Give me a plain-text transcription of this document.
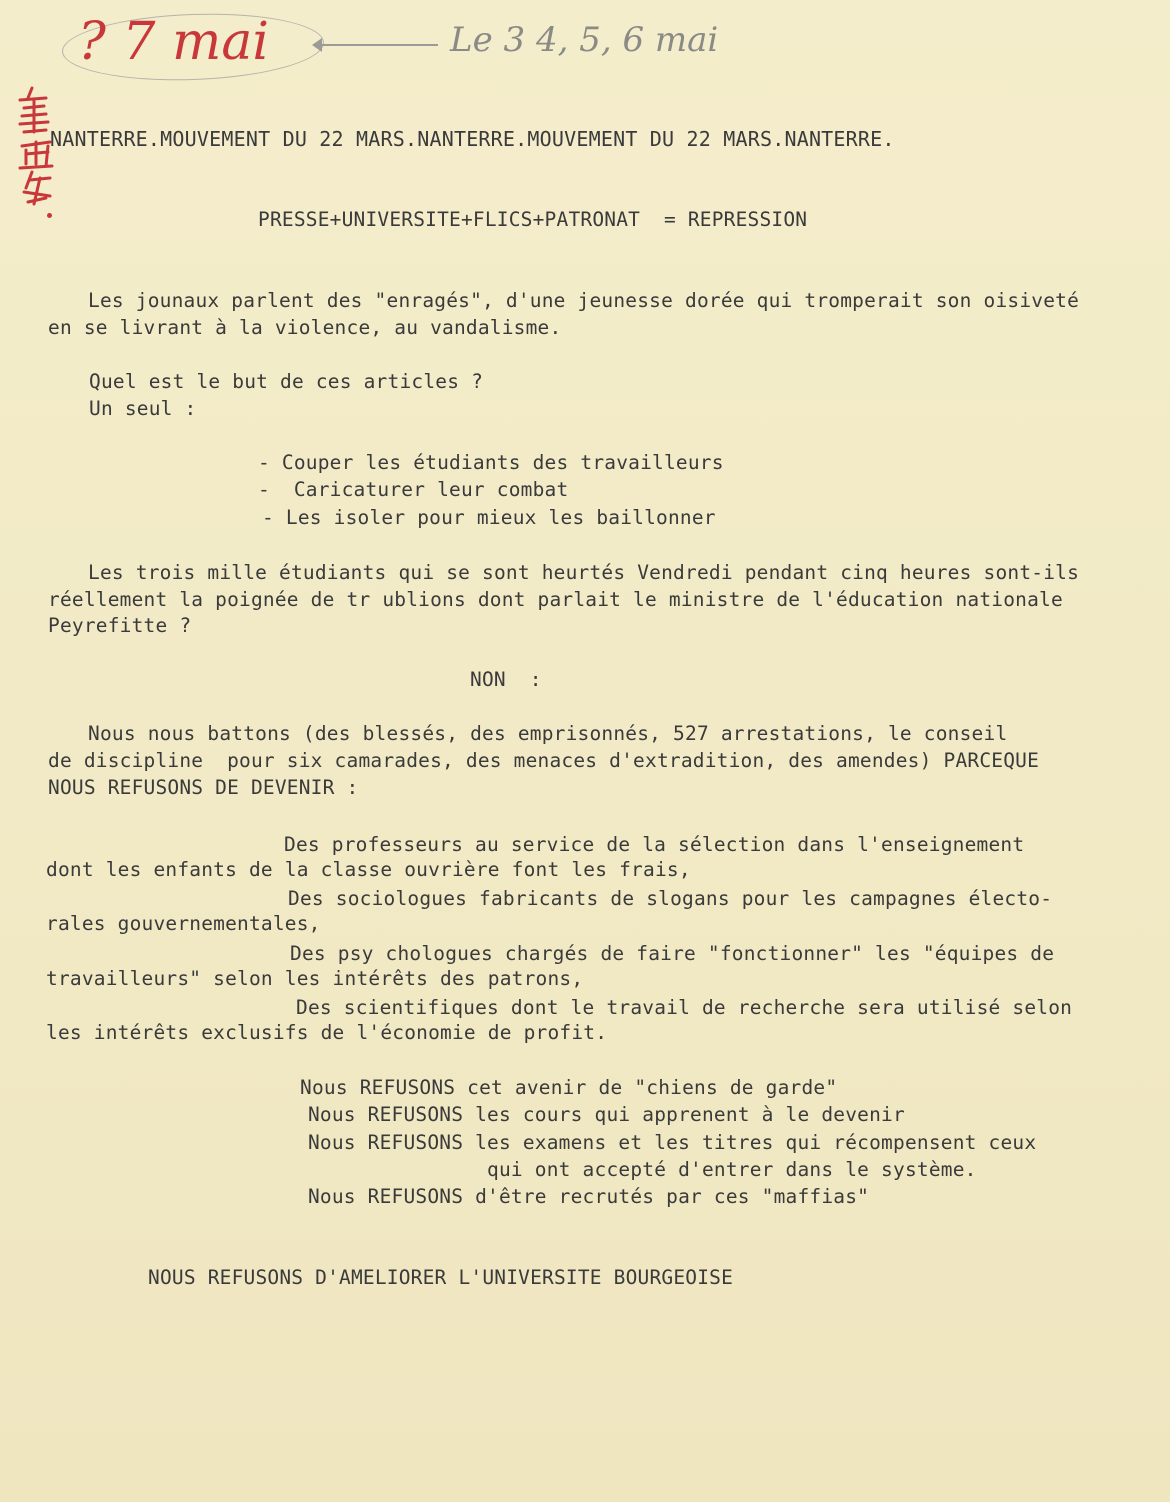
? 7 mai	Le 3 4, 5, 6 mai
NANTERRE.MOUVEMENT DU 22 MARS.NANTERRE.MOUVEMENT DU 22 MARS.NANTERRE.
PRESSE+UNIVERSITE+FLICS+PATRONAT  = REPRESSION
Les jounaux parlent des "enragés", d'une jeunesse dorée qui tromperait son oisiveté
en se livrant à la violence, au vandalisme.
Quel est le but de ces articles ?
Un seul :
- Couper les étudiants des travailleurs
-  Caricaturer leur combat
- Les isoler pour mieux les baillonner
Les trois mille étudiants qui se sont heurtés Vendredi pendant cinq heures sont-ils
réellement la poignée de tr ublions dont parlait le ministre de l'éducation nationale
Peyrefitte ?
NON  :
Nous nous battons (des blessés, des emprisonnés, 527 arrestations, le conseil
de discipline  pour six camarades, des menaces d'extradition, des amendes) PARCEQUE
NOUS REFUSONS DE DEVENIR :
Des professeurs au service de la sélection dans l'enseignement
dont les enfants de la classe ouvrière font les frais,
Des sociologues fabricants de slogans pour les campagnes électo-
rales gouvernementales,
Des psy chologues chargés de faire "fonctionner" les "équipes de
travailleurs" selon les intérêts des patrons,
Des scientifiques dont le travail de recherche sera utilisé selon
les intérêts exclusifs de l'économie de profit.
Nous REFUSONS cet avenir de "chiens de garde"
Nous REFUSONS les cours qui apprenent à le devenir
Nous REFUSONS les examens et les titres qui récompensent ceux
qui ont accepté d'entrer dans le système.
Nous REFUSONS d'être recrutés par ces "maffias"
NOUS REFUSONS D'AMELIORER L'UNIVERSITE BOURGEOISE
